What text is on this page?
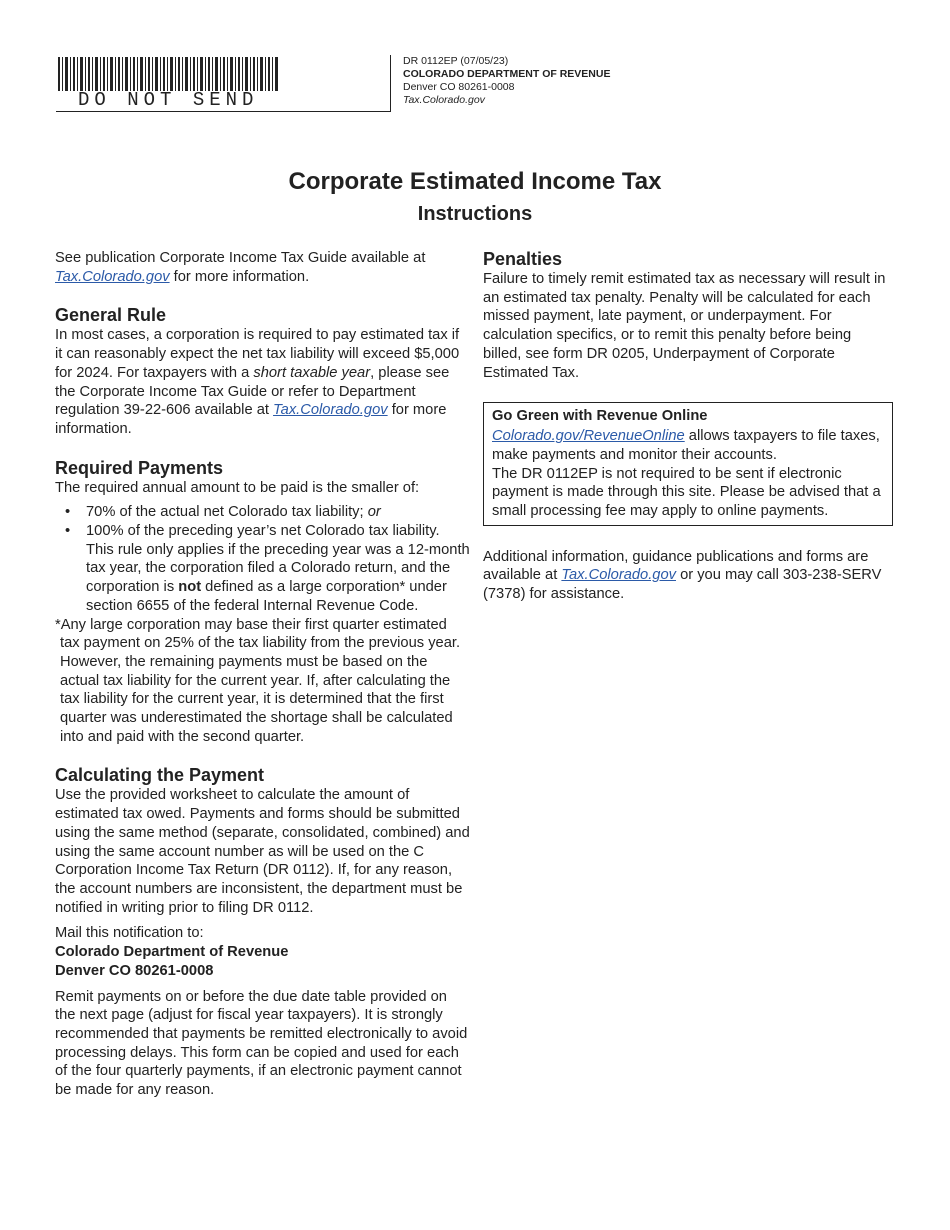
DO NOT SEND
DR 0112EP (07/05/23)
COLORADO DEPARTMENT OF REVENUE
Denver CO 80261-0008
Tax.Colorado.gov
Corporate Estimated Income Tax
Instructions

See publication Corporate Income Tax Guide available at Tax.Colorado.gov for more information.

General Rule

In most cases, a corporation is required to pay estimated tax if it can reasonably expect the net tax liability will exceed $5,000 for 2024. For taxpayers with a short taxable year, please see the Corporate Income Tax Guide or refer to Department regulation 39-22-606 available at Tax.Colorado.gov for more information.

Required Payments

The required annual amount to be paid is the smaller of:

• 70% of the actual net Colorado tax liability; or
• 100% of the preceding year’s net Colorado tax liability. This rule only applies if the preceding year was a 12-month tax year, the corporation filed a Colorado return, and the corporation is not defined as a large corporation* under section 6655 of the federal Internal Revenue Code.

*Any large corporation may base their first quarter estimated tax payment on 25% of the tax liability from the previous year. However, the remaining payments must be based on the actual tax liability for the current year. If, after calculating the tax liability for the current year, it is determined that the first quarter was underestimated the shortage shall be calculated into and paid with the second quarter.

Calculating the Payment

Use the provided worksheet to calculate the amount of estimated tax owed. Payments and forms should be submitted using the same method (separate, consolidated, combined) and using the same account number as will be used on the C Corporation Income Tax Return (DR 0112). If, for any reason, the account numbers are inconsistent, the department must be notified in writing prior to filing DR 0112.

Mail this notification to:

Colorado Department of Revenue

Denver CO 80261-0008

Remit payments on or before the due date table provided on the next page (adjust for fiscal year taxpayers). It is strongly recommended that payments be remitted electronically to avoid processing delays. This form can be copied and used for each of the four quarterly payments, if an electronic payment cannot be made for any reason.

Penalties

Failure to timely remit estimated tax as necessary will result in an estimated tax penalty. Penalty will be calculated for each missed payment, late payment, or underpayment. For calculation specifics, or to remit this penalty before being billed, see form DR 0205, Underpayment of Corporate Estimated Tax.

Go Green with Revenue Online

Colorado.gov/RevenueOnline allows taxpayers to file taxes, make payments and monitor their accounts.

The DR 0112EP is not required to be sent if electronic payment is made through this site. Please be advised that a small processing fee may apply to online payments.

Additional information, guidance publications and forms are available at Tax.Colorado.gov or you may call 303-238-SERV (7378) for assistance.
